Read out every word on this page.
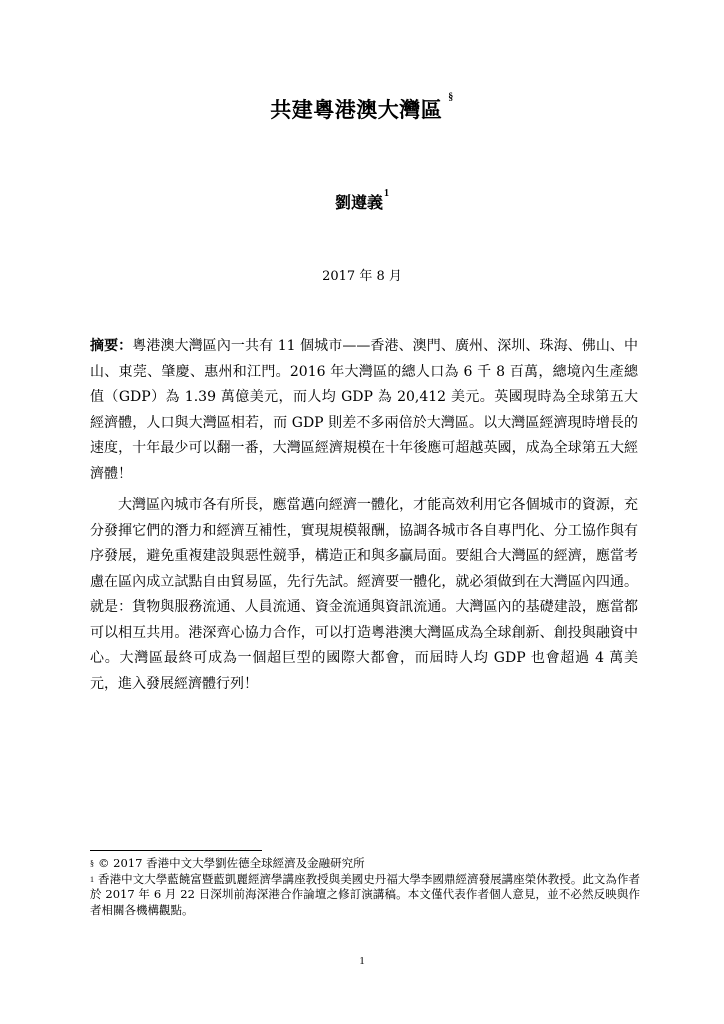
共建粵港澳大灣區 §
劉遵義$^1$
2017 年 8 月

摘要：粵港澳大灣區內一共有 11 個城市——香港、澳門、廣州、深圳、珠海、佛山、中山、東莞、肇慶、惠州和江門。2016 年大灣區的總人口為 6 千 8 百萬，總境內生產總值（GDP）為 1.39 萬億美元，而人均 GDP 為 20,412 美元。英國現時為全球第五大經濟體，人口與大灣區相若，而 GDP 則差不多兩倍於大灣區。以大灣區經濟現時增長的速度，十年最少可以翻一番，大灣區經濟規模在十年後應可超越英國，成為全球第五大經濟體！

大灣區內城市各有所長，應當邁向經濟一體化，才能高效利用它各個城市的資源，充分發揮它們的潛力和經濟互補性，實現規模報酬，協調各城市各自專門化、分工協作與有序發展，避免重複建設與惡性競爭，構造正和與多贏局面。要組合大灣區的經濟，應當考慮在區內成立試點自由貿易區，先行先試。經濟要一體化，就必須做到在大灣區內四通。就是：貨物與服務流通、人員流通、資金流通與資訊流通。大灣區內的基礎建設，應當都可以相互共用。港深齊心協力合作，可以打造粵港澳大灣區成為全球創新、創投與融資中心。大灣區最終可成為一個超巨型的國際大都會，而屆時人均 GDP 也會超過 4 萬美元，進入發展經濟體行列！

§ © 2017 香港中文大學劉佐德全球經濟及金融研究所

$^1$ 香港中文大學藍饒富暨藍凱麗經濟學講座教授與美國史丹福大學李國鼎經濟發展講座榮休教授。此文為作者於 2017 年 6 月 22 日深圳前海深港合作論壇之修訂演講稿。本文僅代表作者個人意見，並不必然反映與作者相關各機構觀點。

1
